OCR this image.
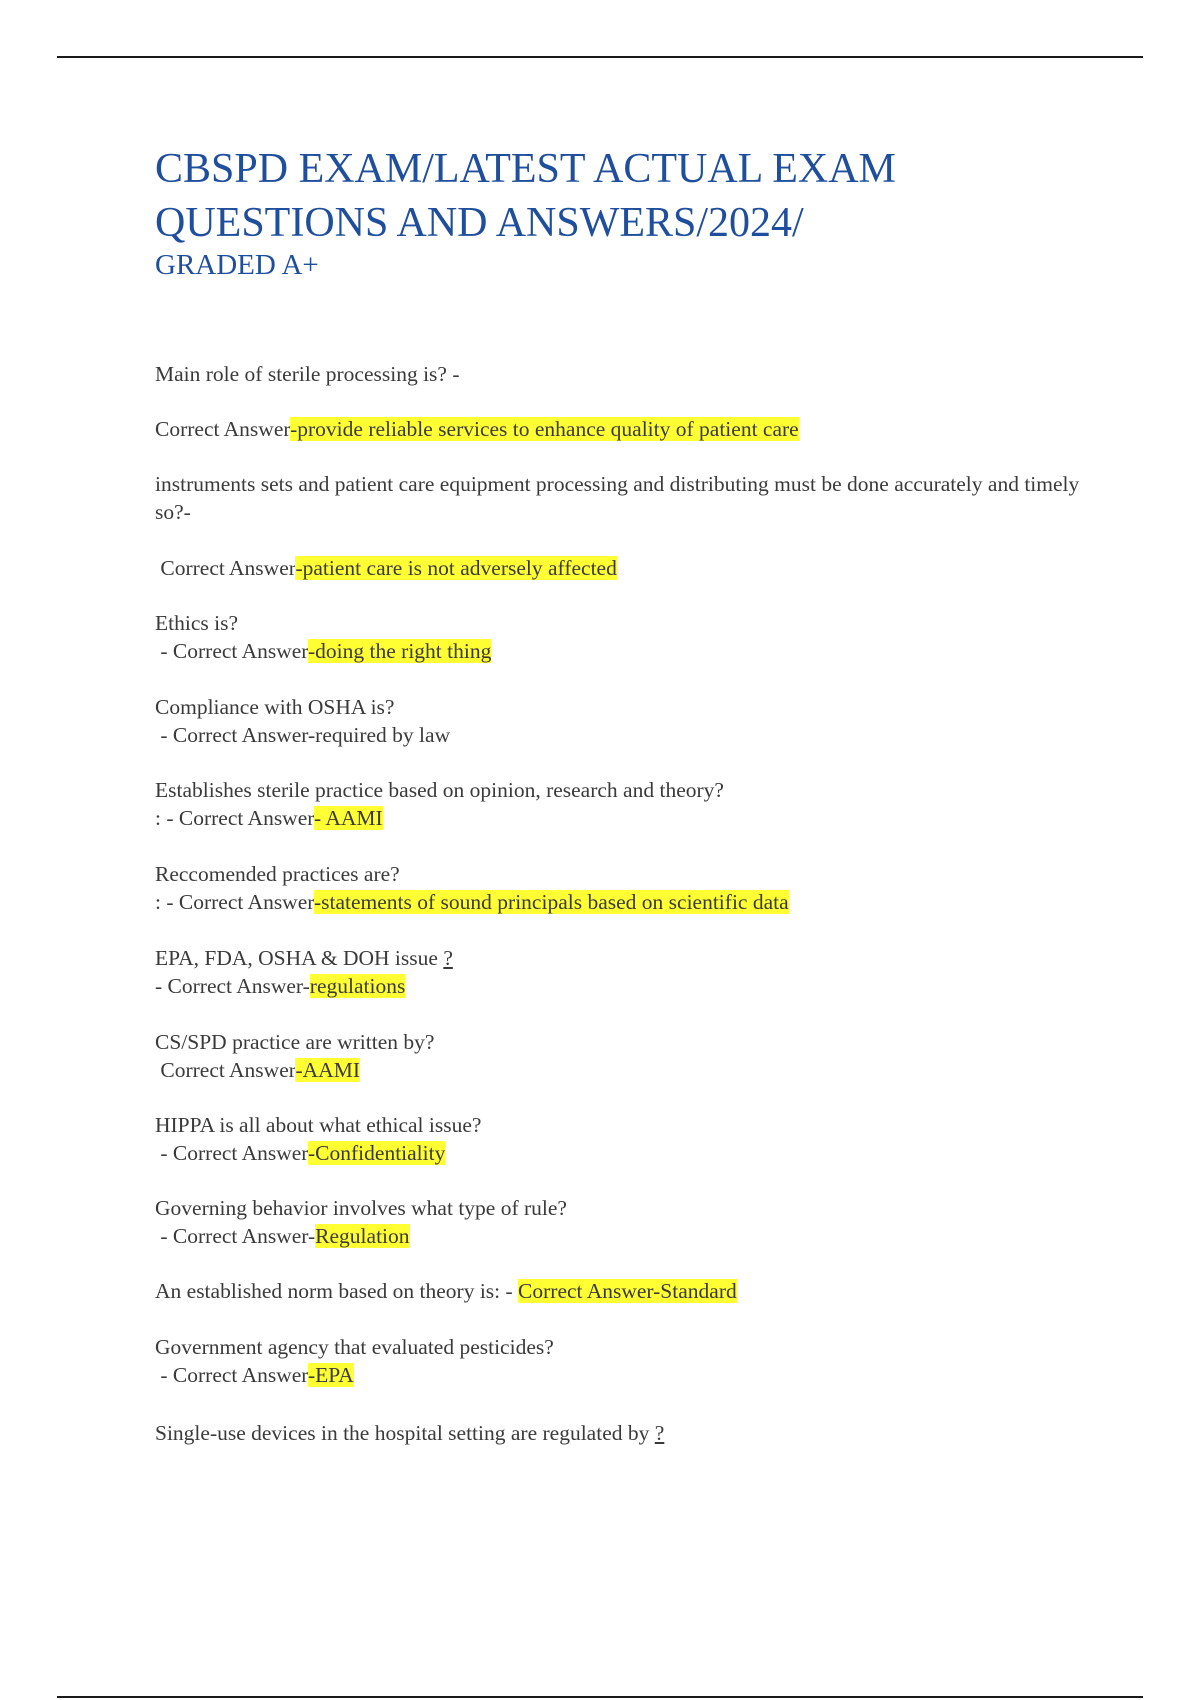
CBSPD EXAM/LATEST ACTUAL EXAM QUESTIONS AND ANSWERS/2024/
GRADED A+

Main role of sterile processing is? -

Correct Answer-provide reliable services to enhance quality of patient care

instruments sets and patient care equipment processing and distributing must be done accurately and timely so?-

Correct Answer-patient care is not adversely affected

Ethics is?

- Correct Answer-doing the right thing

Compliance with OSHA is?

- Correct Answer-required by law

Establishes sterile practice based on opinion, research and theory?

: - Correct Answer- AAMI

Reccomended practices are?

: - Correct Answer-statements of sound principals based on scientific data

EPA, FDA, OSHA & DOH issue ?

- Correct Answer-regulations

CS/SPD practice are written by?

Correct Answer-AAMI

HIPPA is all about what ethical issue?

- Correct Answer-Confidentiality

Governing behavior involves what type of rule?

- Correct Answer-Regulation

An established norm based on theory is: - Correct Answer-Standard

Government agency that evaluated pesticides?

- Correct Answer-EPA

Single-use devices in the hospital setting are regulated by ?
